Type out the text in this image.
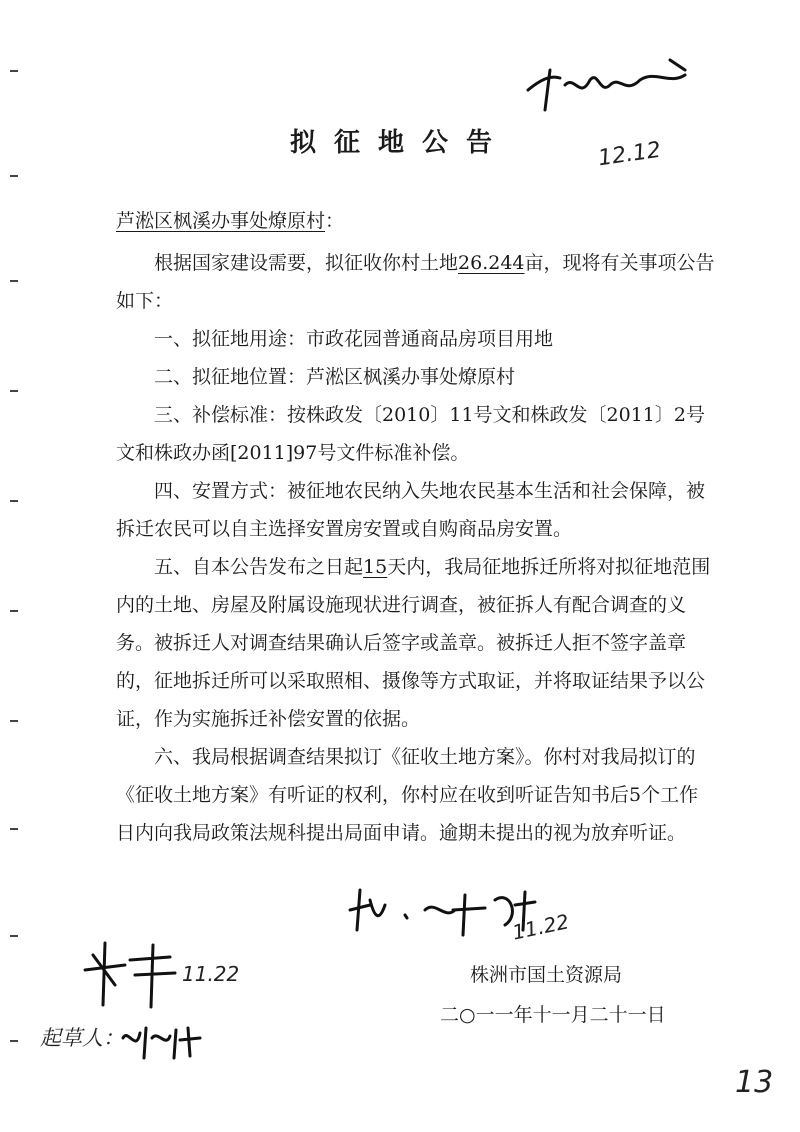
12.12
拟征地公告
芦淞区枫溪办事处燎原村：
根据国家建设需要，拟征收你村土地26.244亩，现将有关事项公告如下：
一、拟征地用途：市政花园普通商品房项目用地
二、拟征地位置：芦淞区枫溪办事处燎原村
三、补偿标准：按株政发〔2010〕11号文和株政发〔2011〕2号文和株政办函[2011]97号文件标准补偿。
四、安置方式：被征地农民纳入失地农民基本生活和社会保障，被拆迁农民可以自主选择安置房安置或自购商品房安置。
五、自本公告发布之日起15天内，我局征地拆迁所将对拟征地范围内的土地、房屋及附属设施现状进行调查，被征拆人有配合调查的义务。被拆迁人对调查结果确认后签字或盖章。被拆迁人拒不签字盖章的，征地拆迁所可以采取照相、摄像等方式取证，并将取证结果予以公证，作为实施拆迁补偿安置的依据。
六、我局根据调查结果拟订《征收土地方案》。你村对我局拟订的《征收土地方案》有听证的权利，你村应在收到听证告知书后5个工作日内向我局政策法规科提出局面申请。逾期未提出的视为放弃听证。
11.22
11.22	株洲市国土资源局
二○一一年十一月二十一日
起草人：
13
